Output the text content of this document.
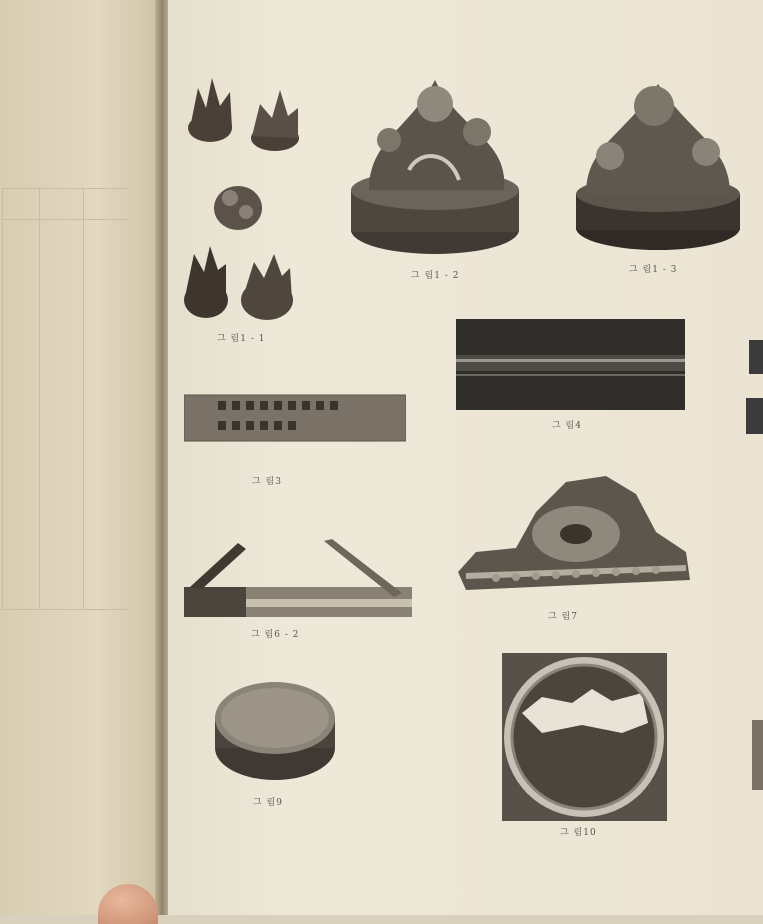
그 림1 - 1
그 림1 - 2
그 림1 - 3
그 림3
그 림4
그 림7
그 림6 - 2
그 림9
그 림10
